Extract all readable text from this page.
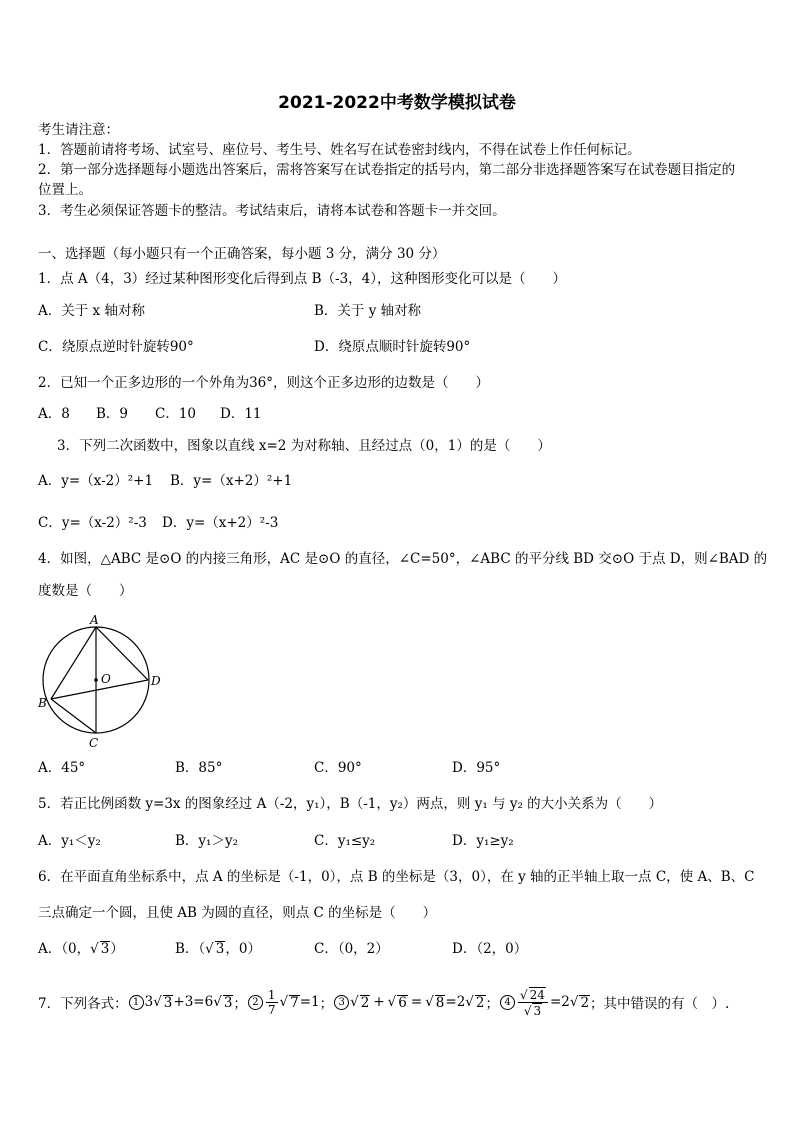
2021-2022中考数学模拟试卷
考生请注意：
1．答题前请将考场、试室号、座位号、考生号、姓名写在试卷密封线内，不得在试卷上作任何标记。
2．第一部分选择题每小题选出答案后，需将答案写在试卷指定的括号内，第二部分非选择题答案写在试卷题目指定的
位置上。
3．考生必须保证答题卡的整洁。考试结束后，请将本试卷和答题卡一并交回。
一、选择题（每小题只有一个正确答案，每小题 3 分，满分 30 分）
1．点 A（4，3）经过某种图形变化后得到点 B（-3，4），这种图形变化可以是（　　）
A．关于 x 轴对称	B．关于 y 轴对称
C．绕原点逆时针旋转90°	D．绕原点顺时针旋转90°
2．已知一个正多边形的一个外角为36°，则这个正多边形的边数是（　　）
A．8 B．9 C．10 D．11
3．下列二次函数中，图象以直线 x=2 为对称轴、且经过点（0，1）的是（　　）
A．y=（x-2）²+1 B．y=（x+2）²+1
C．y=（x-2）²-3 D．y=（x+2）²-3
4．如图，△ABC 是⊙O 的内接三角形，AC 是⊙O 的直径，∠C=50°，∠ABC 的平分线 BD 交⊙O 于点 D，则∠BAD 的
度数是（　　）
A
B
C
D
O
A．45°	B．85°	C．90°	D．95°
5．若正比例函数 y=3x 的图象经过 A（-2，y₁），B（-1，y₂）两点，则 y₁ 与 y₂ 的大小关系为（　　）
A．y₁＜y₂	B．y₁＞y₂	C．y₁≤y₂	D．y₁≥y₂
6．在平面直角坐标系中，点 A 的坐标是（-1，0），点 B 的坐标是（3，0），在 y 轴的正半轴上取一点 C，使 A、B、C
三点确定一个圆，且使 AB 为圆的直径，则点 C 的坐标是（　　）
A．（0，√ 3）	B．（√ 3，0）	C．（0，2）	D．（2，0）
7．下列各式： 1 3 √ 3 +3=6 √ 3 ； $2 \frac{1}{7}$ √ 7 =1 ； 3 √ 2 + √ 6 = √ 8 =2 √ 2 ； $4 \frac{√ 24}{√ 3} =2$ √ 2 ；其中错误的有（　）.
